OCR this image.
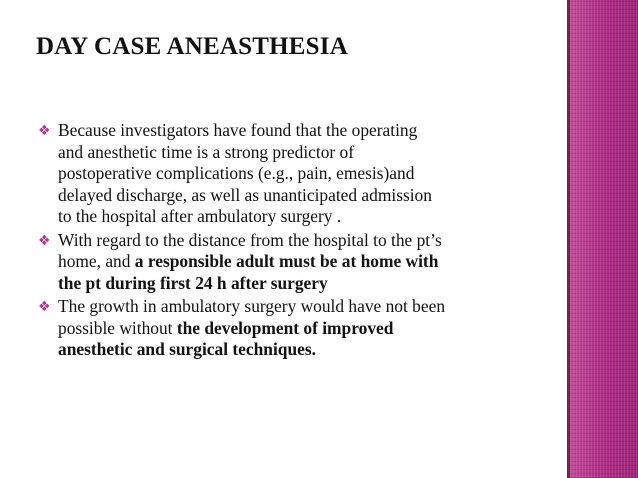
DAY CASE ANEASTHESIA
❖ Because investigators have found that the operating
and anesthetic time is a strong predictor of
postoperative complications (e.g., pain, emesis)and
delayed discharge, as well as unanticipated admission
to the hospital after ambulatory surgery .
❖ With regard to the distance from the hospital to the pt’s
home, and a responsible adult must be at home with
the pt during first 24 h after surgery
❖ The growth in ambulatory surgery would have not been
possible without the development of improved
anesthetic and surgical techniques.
